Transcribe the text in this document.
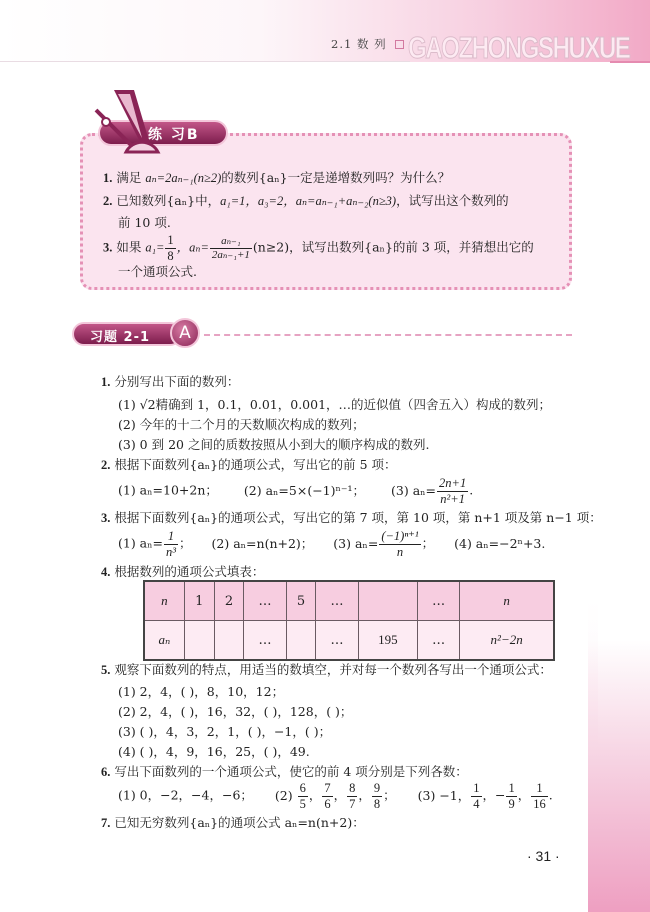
2.1 数 列 GAOZHONGSHUXUE
练 习B
1. 满足 aₙ=2aₙ₋₁(n≥2)的数列{aₙ}一定是递增数列吗？为什么？
2. 已知数列{aₙ}中，a₁=1，a₃=2，aₙ=aₙ₋₁+aₙ₋₂(n≥3)，试写出这个数列的
前 10 项.
3. 如果 $a_1= \frac{1}{8}$ ，$a_n= \frac{\text{aₙ₋₁}}{\text{2aₙ₋₁+1}} (n\ge 2)$，试写出数列{aₙ}的前 3 项，并猜想出它的
一个通项公式.
习题 2-1	A
1. 分别写出下面的数列：
(1) √2精确到 1，0.1，0.01，0.001，…的近似值（四舍五入）构成的数列；
(2) 今年的十二个月的天数顺次构成的数列；
(3) 0 到 20 之间的质数按照从小到大的顺序构成的数列.
2. 根据下面数列{aₙ}的通项公式，写出它的前 5 项：
(1) aₙ=10+2n； (2) aₙ=5×(−1)ⁿ⁻¹； (3) $a_n= \frac{2n+1}{\text{n²+1}}$ .
3. 根据下面数列{aₙ}的通项公式，写出它的第 7 项，第 10 项，第 n+1 项及第 n−1 项：
(1) $a_n= \frac{1}{\text{n³}}$ ； (2) aₙ=n(n+2)； (3) $a_n= \frac{\text{(−1)ⁿ⁺¹}}{n}$ ； (4) aₙ=−2ⁿ+3.
4. 根据数列的通项公式填表：
n	1	2	…	5	…		…	n
aₙ			…		…	195	…	n²−2n
5. 观察下面数列的特点，用适当的数填空，并对每一个数列各写出一个通项公式：
(1) 2，4，( )，8，10，12；
(2) 2，4，( )，16，32，( )，128，( )；
(3) ( )，4，3，2，1，( )，−1，( )；
(4) ( )，4，9，16，25，( )，49.
6. 写出下面数列的一个通项公式，使它的前 4 项分别是下列各数：
(1) 0，−2，−4，−6； $(2) \frac{6}{5}$ ， $\frac{7}{6}$ ， $\frac{8}{7}$ ， $\frac{9}{8}$ ； (3) −1， $\frac{1}{4}$ ，− $\frac{1}{9}$ ， $\frac{1}{16}$ .
7. 已知无穷数列{aₙ}的通项公式 aₙ=n(n+2)：
· 31 ·
